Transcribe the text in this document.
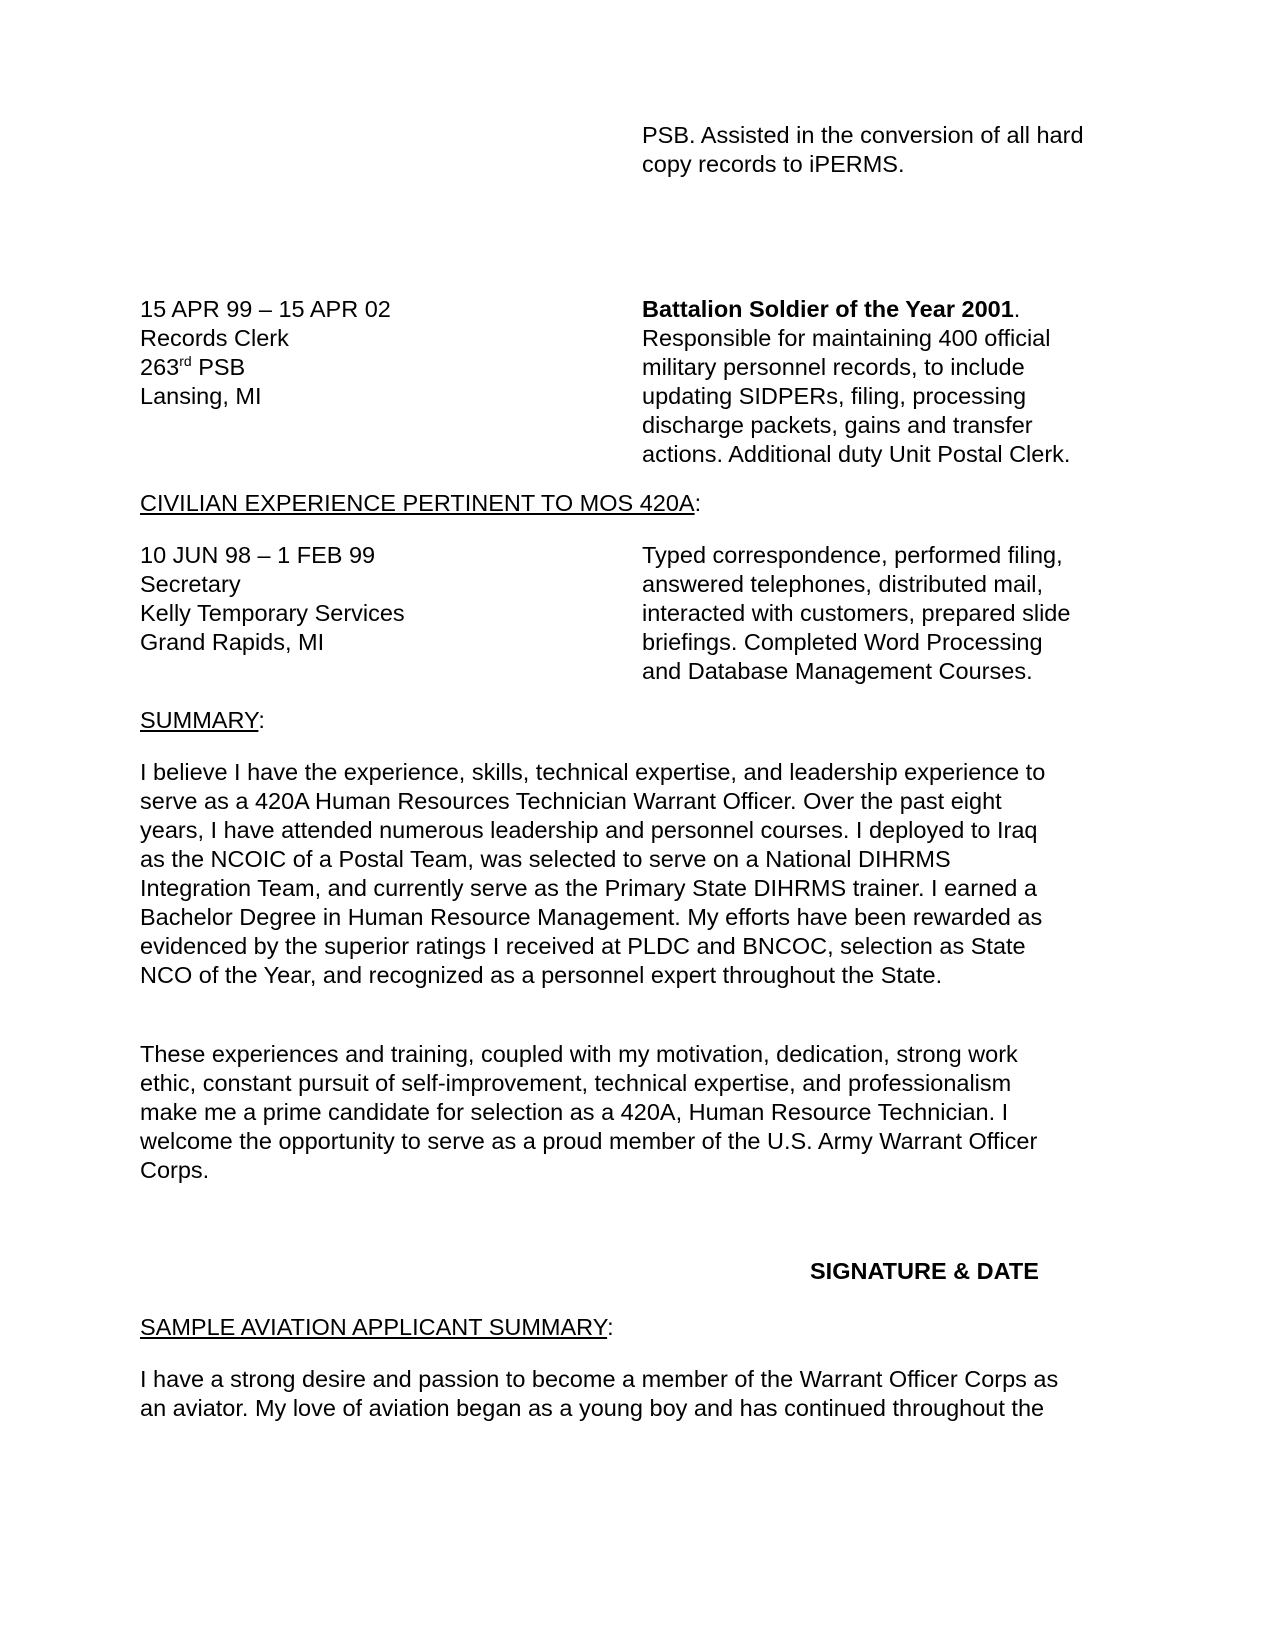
PSB. Assisted in the conversion of all hard

copy records to iPERMS.

15 APR 99 – 15 APR 02

Records Clerk

263rd PSB

Lansing, MI

Battalion Soldier of the Year 2001.

Responsible for maintaining 400 official

military personnel records, to include

updating SIDPERs, filing, processing

discharge packets, gains and transfer

actions. Additional duty Unit Postal Clerk.

CIVILIAN EXPERIENCE PERTINENT TO MOS 420A:

10 JUN 98 – 1 FEB 99

Secretary

Kelly Temporary Services

Grand Rapids, MI

Typed correspondence, performed filing,

answered telephones, distributed mail,

interacted with customers, prepared slide

briefings. Completed Word Processing

and Database Management Courses.

SUMMARY:

I believe I have the experience, skills, technical expertise, and leadership experience to

serve as a 420A Human Resources Technician Warrant Officer. Over the past eight

years, I have attended numerous leadership and personnel courses. I deployed to Iraq

as the NCOIC of a Postal Team, was selected to serve on a National DIHRMS

Integration Team, and currently serve as the Primary State DIHRMS trainer. I earned a

Bachelor Degree in Human Resource Management. My efforts have been rewarded as

evidenced by the superior ratings I received at PLDC and BNCOC, selection as State

NCO of the Year, and recognized as a personnel expert throughout the State.

These experiences and training, coupled with my motivation, dedication, strong work

ethic, constant pursuit of self-improvement, technical expertise, and professionalism

make me a prime candidate for selection as a 420A, Human Resource Technician. I

welcome the opportunity to serve as a proud member of the U.S. Army Warrant Officer

Corps.

SIGNATURE & DATE
SAMPLE AVIATION APPLICANT SUMMARY:

I have a strong desire and passion to become a member of the Warrant Officer Corps as

an aviator. My love of aviation began as a young boy and has continued throughout the
